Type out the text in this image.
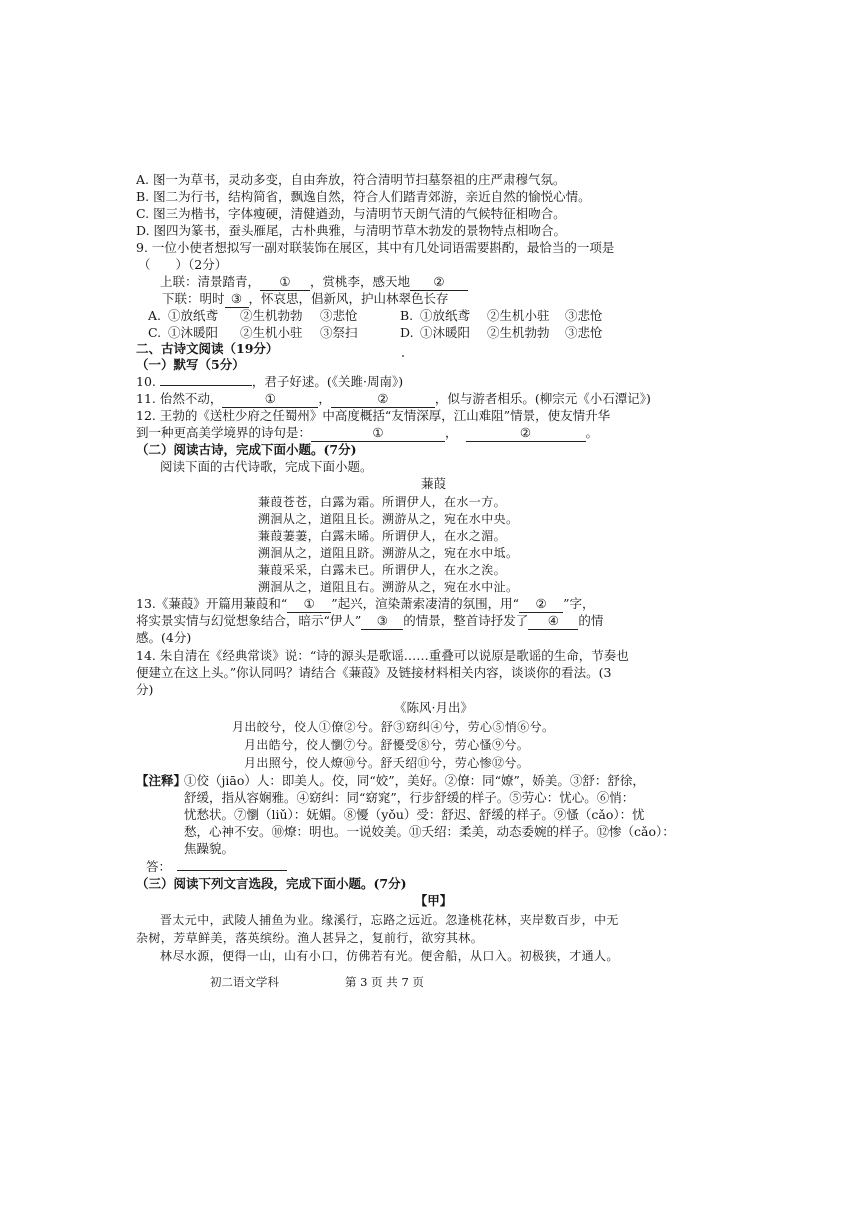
A. 图一为草书，灵动多变，自由奔放，符合清明节扫墓祭祖的庄严肃穆气氛。
B. 图二为行书，结构简省，飘逸自然，符合人们踏青郊游，亲近自然的愉悦心情。
C. 图三为楷书，字体瘦硬，清健遒劲，与清明节天朗气清的气候特征相吻合。
D. 图四为篆书，蚕头雁尾，古朴典雅，与清明节草木勃发的景物特点相吻合。
9. 一位小使者想拟写一副对联装饰在展区，其中有几处词语需要斟酌，最恰当的一项是
（　　）（2分）
上联：清景踏青， ① ，赏桃李，感天地 ②
下联：明时 ③ ，怀哀思，倡新风，护山林翠色长存
A. ①放纸鸢 ②生机勃勃 ③悲怆	B. ①放纸鸢 ②生机小驻 ③悲怆
C. ①沐暖阳 ②生机小驻 ③祭扫	D. ①沐暖阳 ②生机勃勃 ③悲怆
二、古诗文阅读（19分）
（一）默写（5分）
10.	，君子好逑。(《关雎·周南》)
11. 佁然不动，	①	，	②	，似与游者相乐。(柳宗元《小石潭记》)
12. 王勃的《送杜少府之任蜀州》中高度概括“友情深厚，江山难阻”情景，使友情升华
到一种更高美学境界的诗句是：	①	，	②	。
（二）阅读古诗，完成下面小题。(7分)
阅读下面的古代诗歌，完成下面小题。
蒹葭
蒹葭苍苍，白露为霜。所谓伊人，在水一方。
溯洄从之，道阻且长。溯游从之，宛在水中央。
蒹葭萋萋，白露未晞。所谓伊人，在水之湄。
溯洄从之，道阻且跻。溯游从之，宛在水中坻。
蒹葭采采，白露未已。所谓伊人，在水之涘。
溯洄从之，道阻且右。溯游从之，宛在水中沚。
13.《蒹葭》开篇用蒹葭和“ ① ”起兴，渲染萧索凄清的氛围，用“ ② ”字，
将实景实情与幻觉想象结合，暗示“伊人” ③ 的情景，整首诗抒发了 ④ 的情
感。(4分)
14. 朱自清在《经典常谈》说：“诗的源头是歌谣……重叠可以说原是歌谣的生命，节奏也
便建立在这上头。”你认同吗？请结合《蒹葭》及链接材料相关内容，谈谈你的看法。(3
分)
《陈风·月出》
月出皎兮，佼人①僚②兮。舒③窈纠④兮，劳心⑤悄⑥兮。
月出皓兮，佼人懰⑦兮。舒懮受⑧兮，劳心慅⑨兮。
月出照兮，佼人燎⑩兮。舒夭绍⑪兮，劳心惨⑫兮。
【注释】
①佼（jiāo）人：即美人。佼，同“姣”，美好。②僚：同“嫽”，娇美。③舒：舒徐，
舒缓，指从容娴雅。④窈纠：同“窈窕”，行步舒缓的样子。⑤劳心：忧心。⑥悄：
忧愁状。⑦懰（liǔ）：妩媚。⑧懮（yǒu）受：舒迟、舒缓的样子。⑨慅（cǎo）：忧
愁，心神不安。⑩燎：明也。一说姣美。⑪夭绍：柔美，动态委婉的样子。⑫惨（cǎo）：
焦躁貌。
答：
（三）阅读下列文言选段，完成下面小题。(7分)
【甲】
晋太元中，武陵人捕鱼为业。缘溪行，忘路之远近。忽逢桃花林，夹岸数百步，中无
杂树，芳草鲜美，落英缤纷。渔人甚异之，复前行，欲穷其林。
林尽水源，便得一山，山有小口，仿佛若有光。便舍船，从口入。初极狭，才通人。
初二语文学科	第 3 页 共 7 页
